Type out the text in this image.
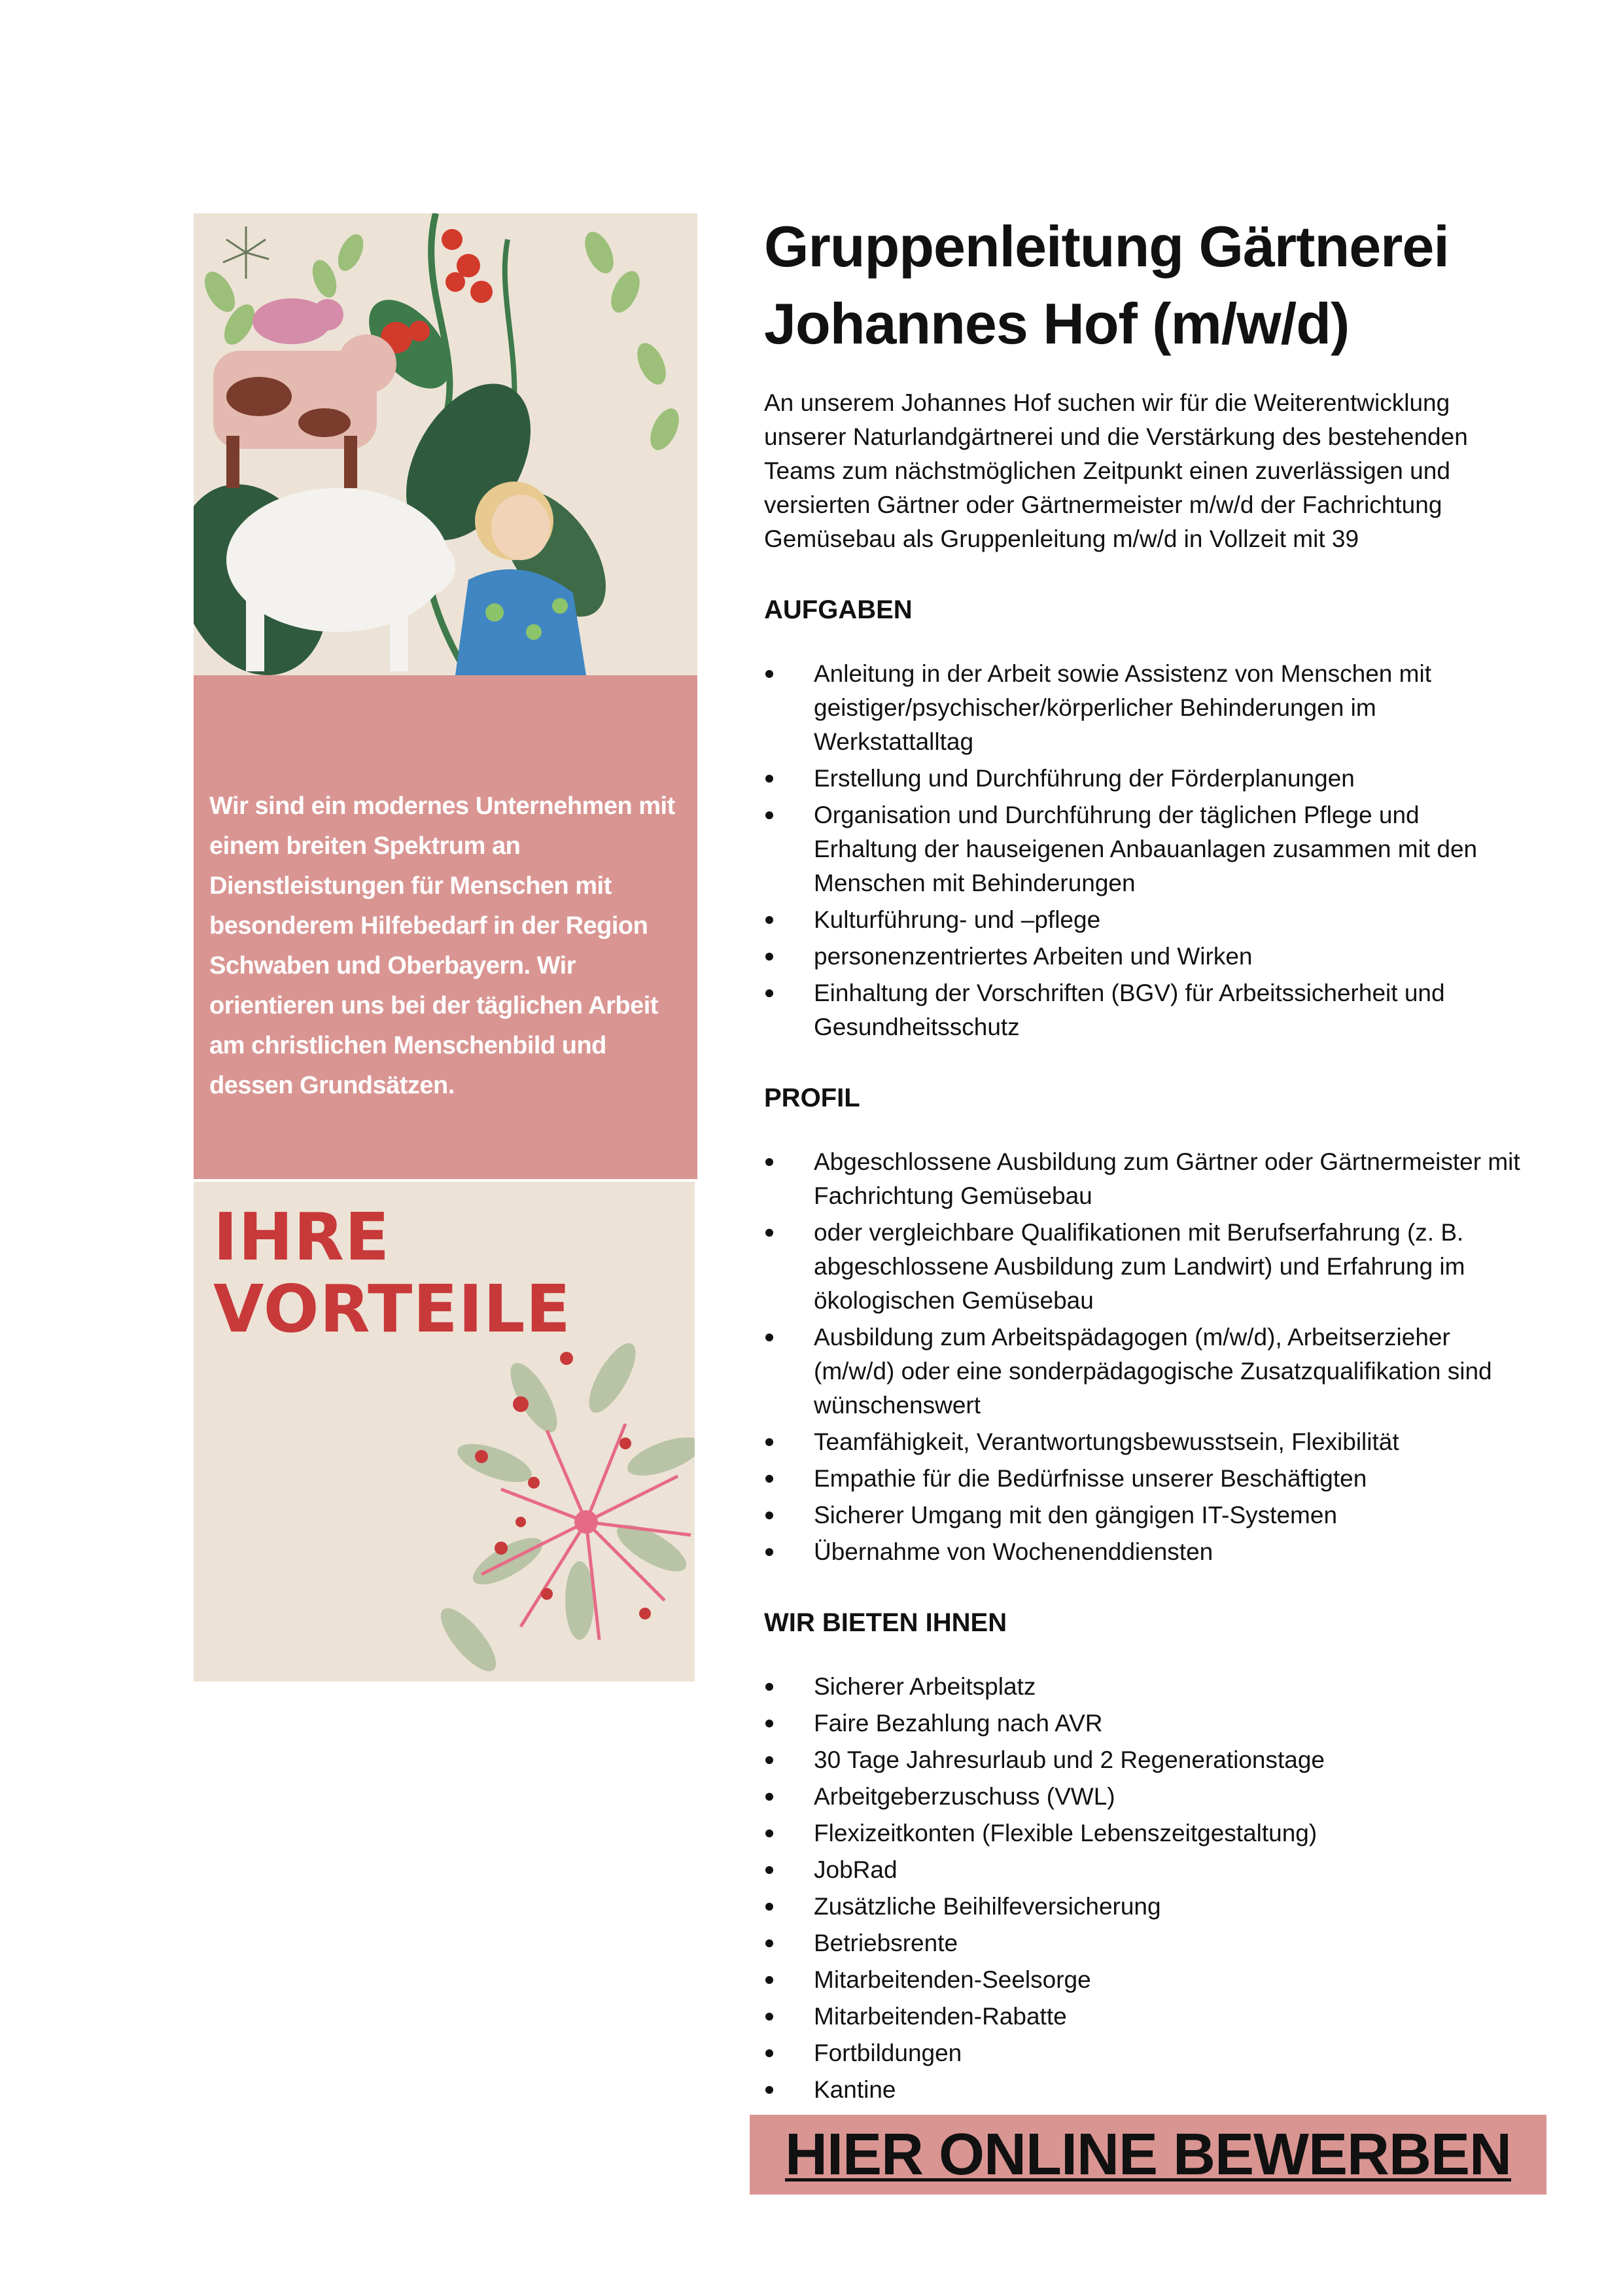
Wir sind ein modernes Unternehmen mit einem breiten Spektrum an Dienstleistungen für Menschen mit besonderem Hilfebedarf in der Region Schwaben und Oberbayern. Wir orientieren uns bei der täglichen Arbeit am christlichen Menschenbild und dessen Grundsätzen.
IHRE
VORTEILE
Gruppenleitung Gärtnerei
Johannes Hof (m/w/d)

An unserem Johannes Hof suchen wir für die Weiterentwicklung unserer Naturlandgärtnerei und die Verstärkung des bestehenden Teams zum nächstmöglichen Zeitpunkt einen zuverlässigen und versierten Gärtner oder Gärtnermeister m/w/d der Fachrichtung Gemüsebau als Gruppenleitung m/w/d in Vollzeit mit 39

AUFGABEN
Anleitung in der Arbeit sowie Assistenz von Menschen mit geistiger/psychischer/körperlicher Behinderungen im Werkstattalltag
Erstellung und Durchführung der Förderplanungen
Organisation und Durchführung der täglichen Pflege und Erhaltung der hauseigenen Anbauanlagen zusammen mit den Menschen mit Behinderungen
Kulturführung- und –pflege
personenzentriertes Arbeiten und Wirken
Einhaltung der Vorschriften (BGV) für Arbeitssicherheit und Gesundheitsschutz
PROFIL
Abgeschlossene Ausbildung zum Gärtner oder Gärtnermeister mit Fachrichtung Gemüsebau
oder vergleichbare Qualifikationen mit Berufserfahrung (z. B. abgeschlossene Ausbildung zum Landwirt) und Erfahrung im ökologischen Gemüsebau
Ausbildung zum Arbeitspädagogen (m/w/d), Arbeitserzieher (m/w/d) oder eine sonderpädagogische Zusatzqualifikation sind wünschenswert
Teamfähigkeit, Verantwortungsbewusstsein, Flexibilität
Empathie für die Bedürfnisse unserer Beschäftigten
Sicherer Umgang mit den gängigen IT-Systemen
Übernahme von Wochenenddiensten
WIR BIETEN IHNEN
Sicherer Arbeitsplatz
Faire Bezahlung nach AVR
30 Tage Jahresurlaub und 2 Regenerationstage
Arbeitgeberzuschuss (VWL)
Flexizeitkonten (Flexible Lebenszeitgestaltung)
JobRad
Zusätzliche Beihilfeversicherung
Betriebsrente
Mitarbeitenden-Seelsorge
Mitarbeitenden-Rabatte
Fortbildungen
Kantine
HIER ONLINE BEWERBEN
